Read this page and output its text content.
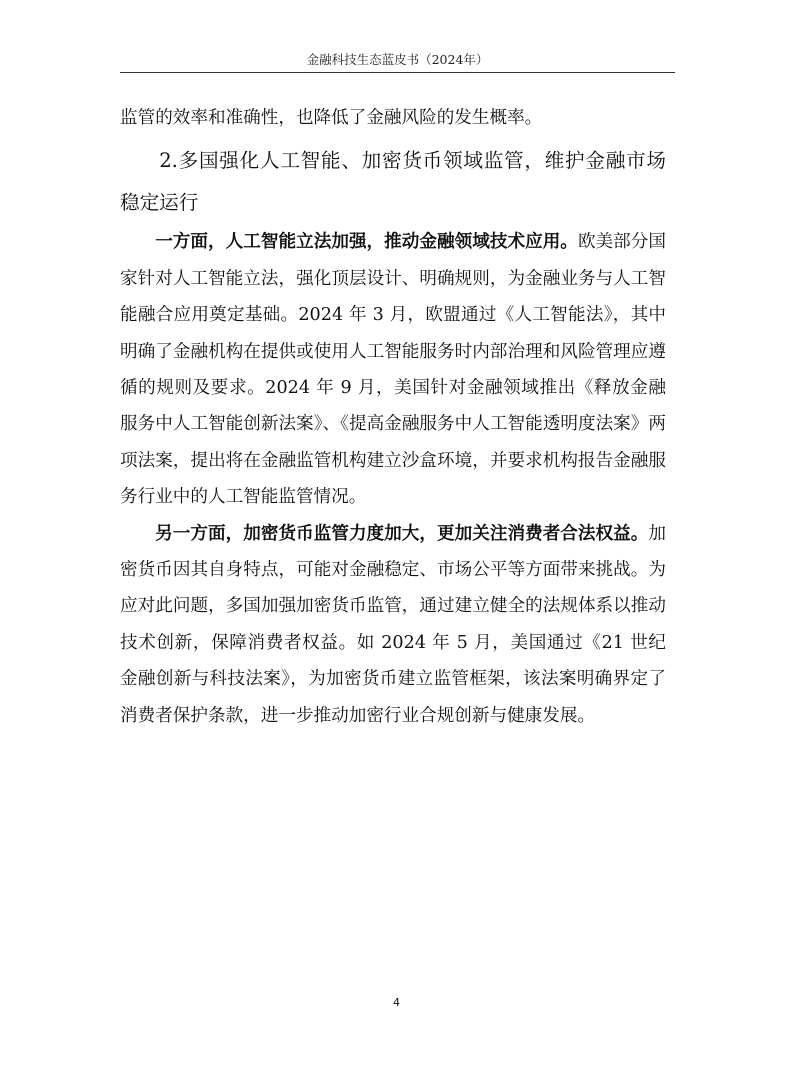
金融科技生态蓝皮书（2024年）

监管的效率和准确性，也降低了金融风险的发生概率。

2.多国强化人工智能、加密货币领域监管，维护金融市场稳定运行

一方面，人工智能立法加强，推动金融领域技术应用。欧美部分国家针对人工智能立法，强化顶层设计、明确规则，为金融业务与人工智能融合应用奠定基础。2024 年 3 月，欧盟通过《人工智能法》，其中明确了金融机构在提供或使用人工智能服务时内部治理和风险管理应遵循的规则及要求。2024 年 9 月，美国针对金融领域推出《释放金融服务中人工智能创新法案》、《提高金融服务中人工智能透明度法案》两项法案，提出将在金融监管机构建立沙盒环境，并要求机构报告金融服务行业中的人工智能监管情况。

另一方面，加密货币监管力度加大，更加关注消费者合法权益。加密货币因其自身特点，可能对金融稳定、市场公平等方面带来挑战。为应对此问题，多国加强加密货币监管，通过建立健全的法规体系以推动技术创新，保障消费者权益。如 2024 年 5 月，美国通过《21 世纪金融创新与科技法案》，为加密货币建立监管框架，该法案明确界定了消费者保护条款，进一步推动加密行业合规创新与健康发展。

4
